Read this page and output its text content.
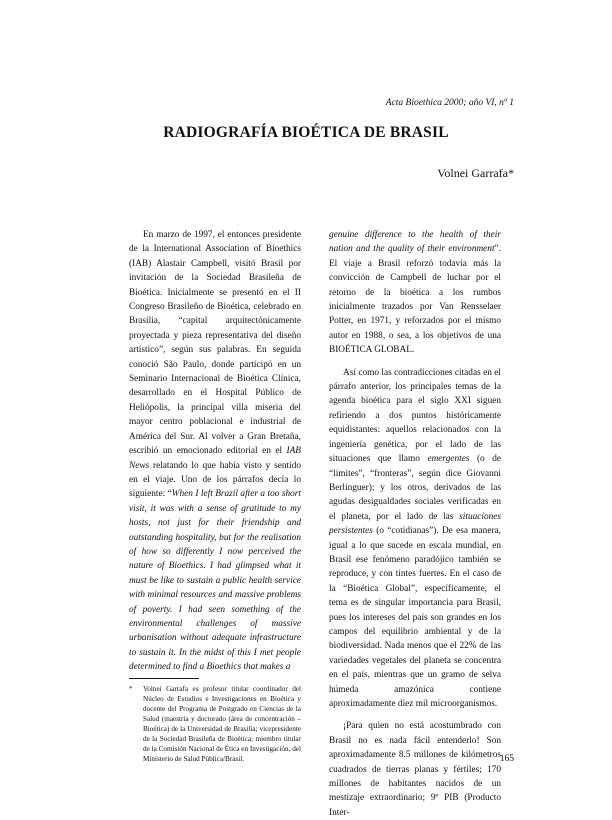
Acta Bioethica 2000; año VI, nº 1
RADIOGRAFÍA BIOÉTICA DE BRASIL
Volnei Garrafa*

En marzo de 1997, el entonces presidente de la International Association of Bioethics (IAB) Alastair Campbell, visitó Brasil por invitación de la Sociedad Brasileña de Bioética. Inicialmente se presentó en el II Congreso Brasileño de Bioética, celebrado en Brasilia, “capital arquitectónicamente proyectada y pieza representativa del diseño artístico”, según sus palabras. En seguida conoció São Paulo, donde participó en un Seminario Internacional de Bioética Clínica, desarrollado en el Hospital Público de Heliópolis, la principal villa miseria del mayor centro poblacional e industrial de América del Sur. Al volver a Gran Bretaña, escribió un emocionado editorial en el IAB News relatando lo que había visto y sentido en el viaje. Uno de los párrafos decía lo siguiente: “When I left Brazil after a too short visit, it was with a sense of gratitude to my hosts, not just for their friendship and outstanding hospitality, but for the realisation of how so differently I now perceived the nature of Bioethics. I had glimpsed what it must be like to sustain a public health service with minimal resources and massive problems of poverty. I had seen something of the environmental challenges of massive urbanisation without adequate infrastructure to sustain it. In the midst of this I met people determined to find a Bioethics that makes a

genuine difference to the health of their nation and the quality of their environment”. El viaje a Brasil reforzó todavía más la convicción de Campbell de luchar por el retorno de la bioética a los rumbos inicialmente trazados por Van Rensselaer Potter, en 1971, y reforzados por el mismo autor en 1988, o sea, a los objetivos de una BIOÉTICA GLOBAL.

Así como las contradicciones citadas en el párrafo anterior, los principales temas de la agenda bioética para el siglo XXI siguen refiriendo a dos puntos históricamente equidistantes: aquellos relacionados con la ingeniería genética, por el lado de las situaciones que llamo emergentes (o de “límites”, “fronteras”, según dice Giovanni Berlinguer); y los otros, derivados de las agudas desigualdades sociales verificadas en el planeta, por el lado de las situaciones persistentes (o “cotidianas”). De esa manera, igual a lo que sucede en escala mundial, en Brasil ese fenómeno paradójico también se reproduce, y con tintes fuertes. En el caso de la “Bioética Global”, específicamente, el tema es de singular importancia para Brasil, pues los intereses del país son grandes en los campos del equilibrio ambiental y de la biodiversidad. Nada menos que el 22% de las variedades vegetales del planeta se concentra en el país, mientras que un gramo de selva húmeda amazónica contiene aproximadamente diez mil microorganismos.

¡Para quien no está acostumbrado con Brasil no es nada fácil entenderlo! Son aproximadamente 8.5 millones de kilómetros cuadrados de tierras planas y fértiles; 170 millones de habitantes nacidos de un mestizaje extraordinario; 9º PIB (Producto Inter-

*	Volnei Garrafa es profesor titular coordinador del Núcleo de Estudios e Investigaciones en Bioética y docente del Programa de Postgrado en Ciencias de la Salud (maestría y doctorado (área de concentración – Bioética) de la Universidad de Brasilia; vicepresidente de la Sociedad Brasileña de Bioética; miembro titular de la Comisión Nacional de Ética en Investigación, del Ministerio de Salud Pública/Brasil.	165
